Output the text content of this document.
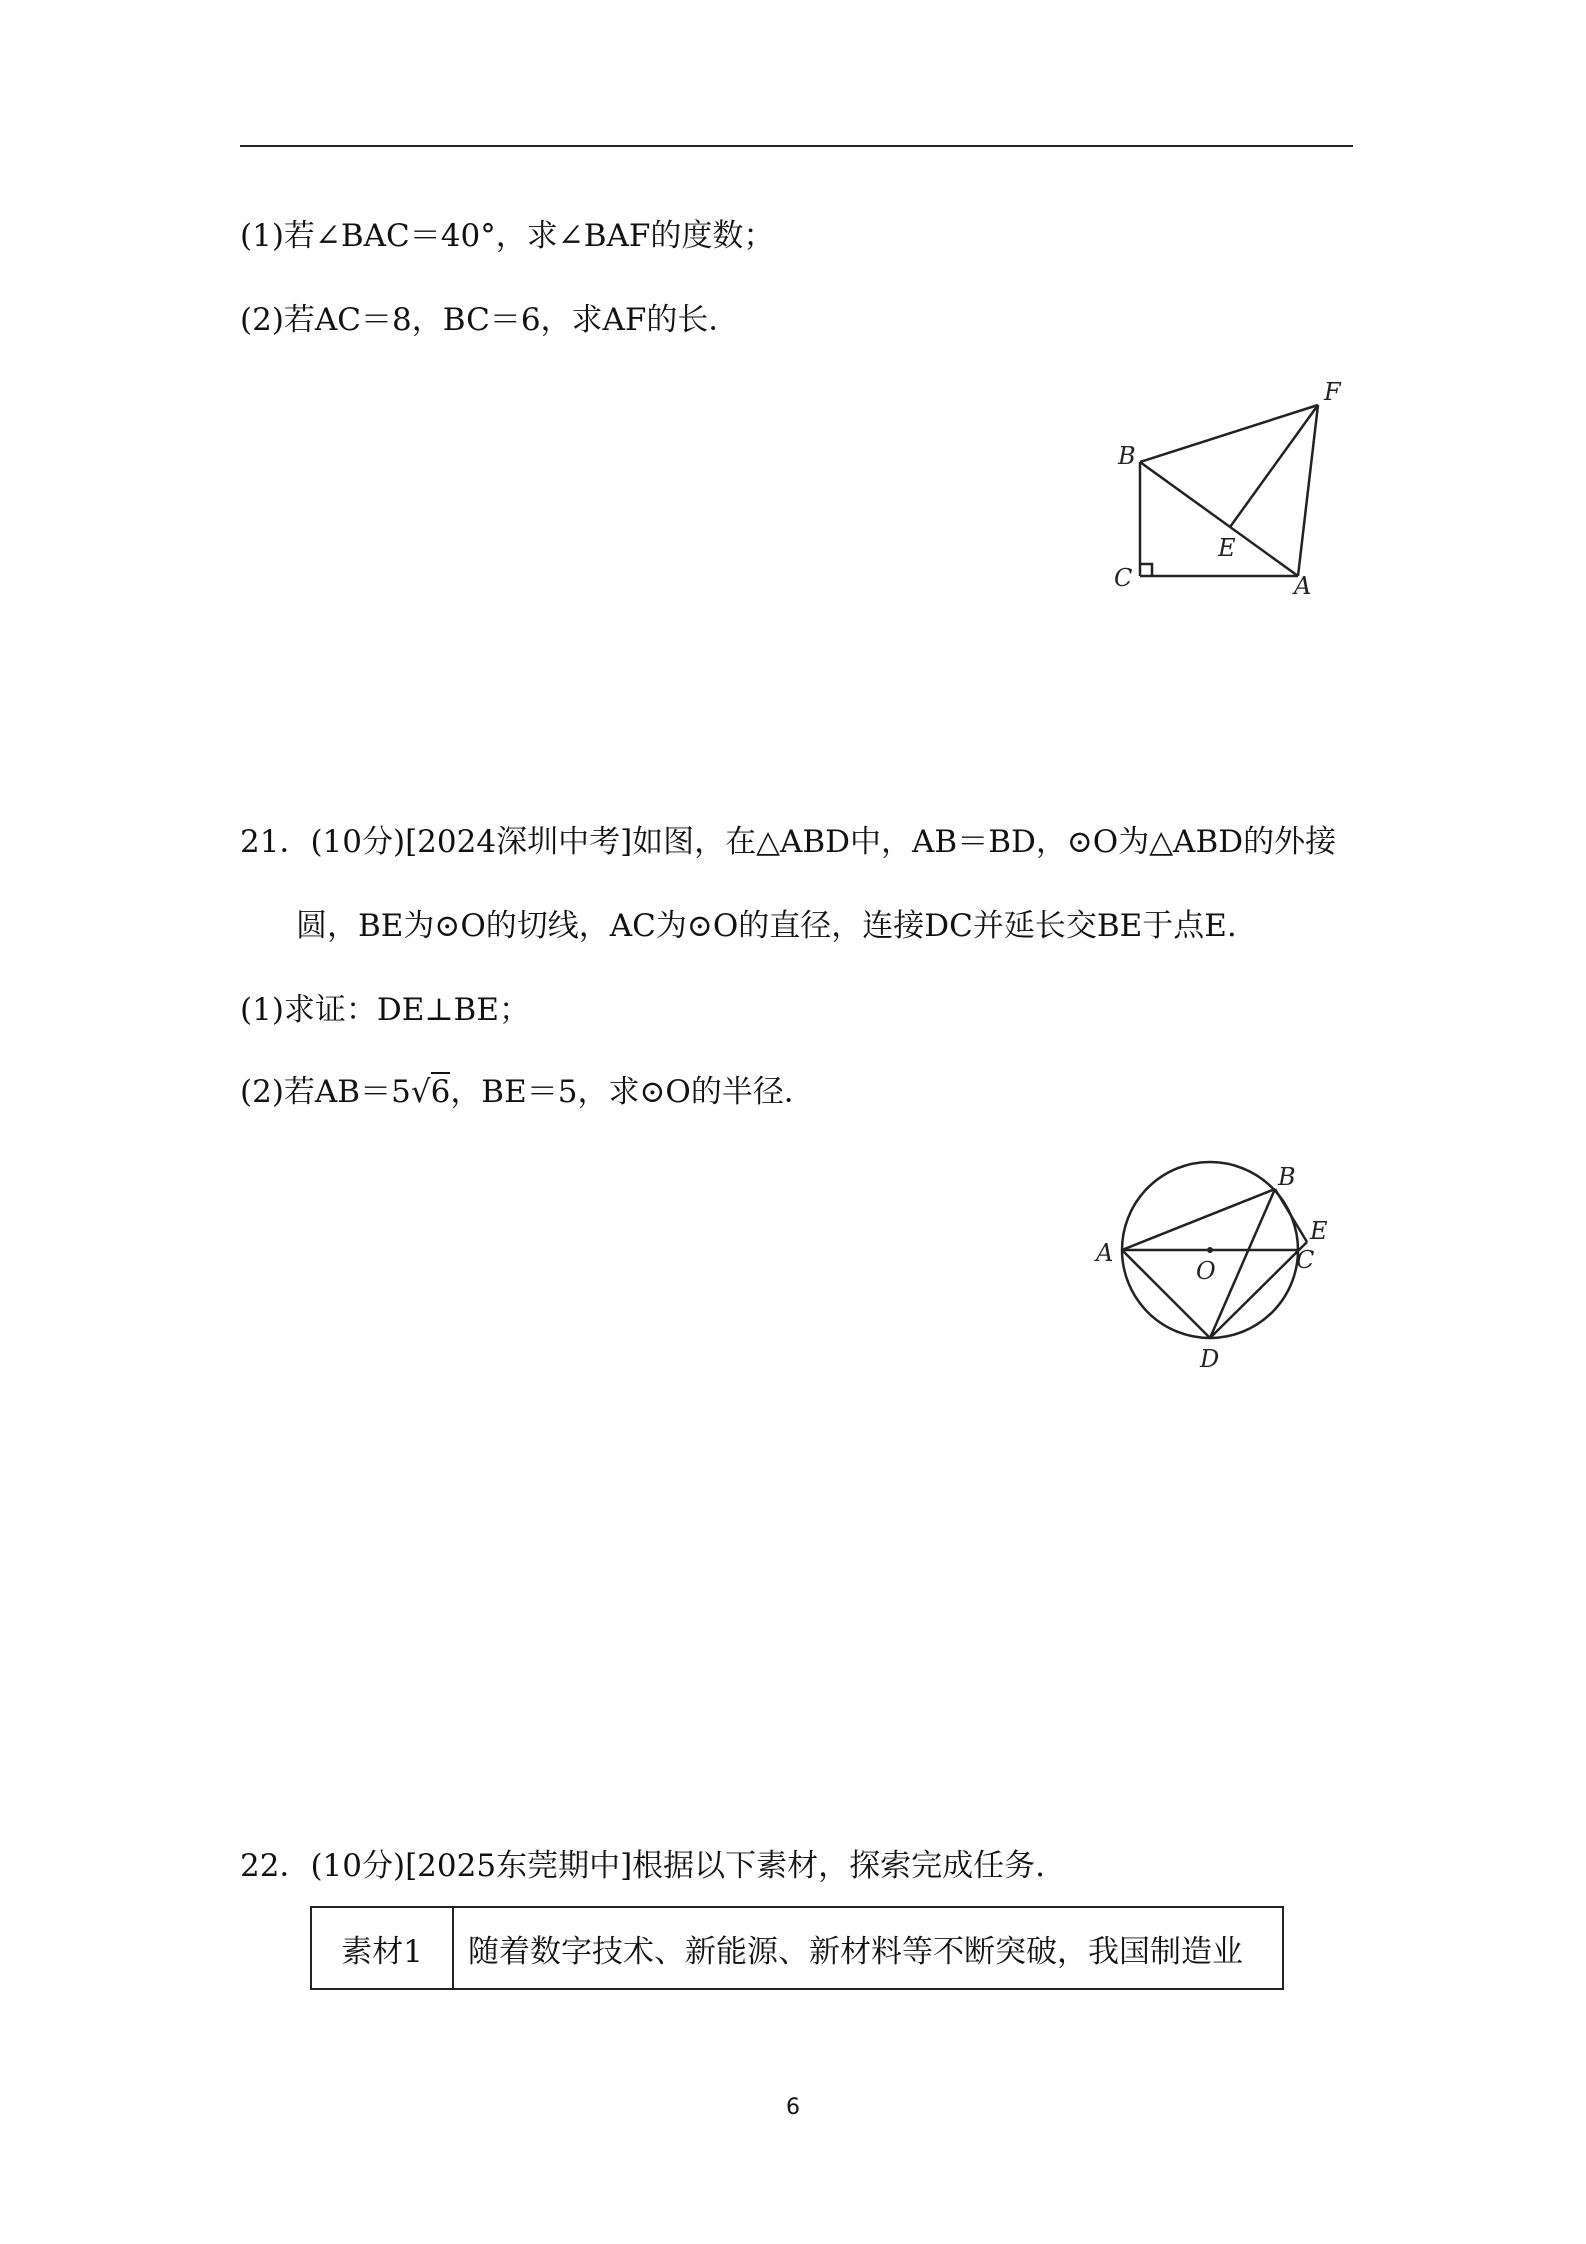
(1)若∠BAC＝40°，求∠BAF的度数；
(2)若AC＝8，BC＝6，求AF的长．
F
B
E
C	A
21．(10分)[2024深圳中考]如图，在△ABD中，AB＝BD，⊙O为△ABD的外接
圆，BE为⊙O的切线，AC为⊙O的直径，连接DC并延长交BE于点E.
(1)求证：DE⊥BE；
(2)若AB＝5√6，BE＝5，求⊙O的半径．
B
E
C
A
O
D
22．(10分)[2025东莞期中]根据以下素材，探索完成任务.
素材1	随着数字技术、新能源、新材料等不断突破，我国制造业
6
